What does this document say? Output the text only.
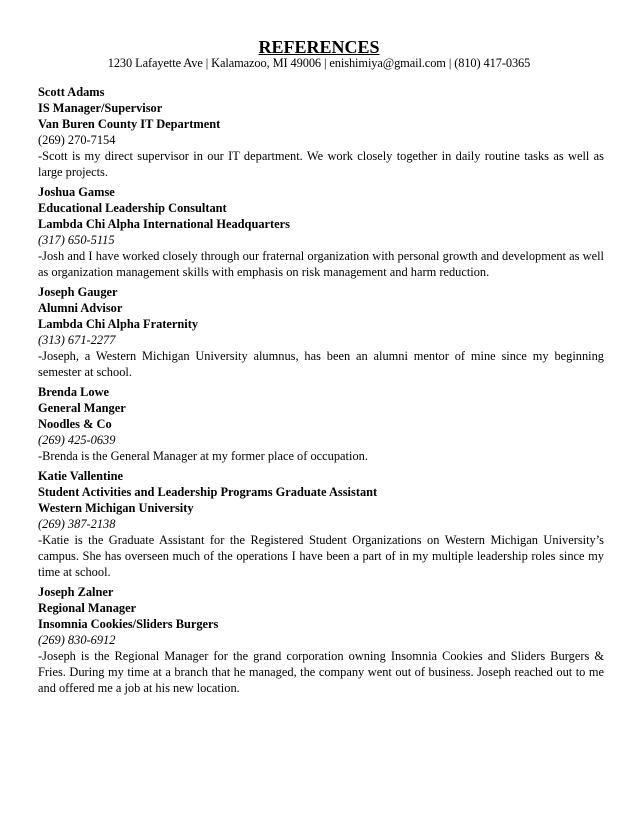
REFERENCES
1230 Lafayette Ave | Kalamazoo, MI 49006 | enishimiya@gmail.com | (810) 417-0365
Scott Adams
IS Manager/Supervisor
Van Buren County IT Department
(269) 270-7154
-Scott is my direct supervisor in our IT department. We work closely together in daily routine tasks as well as large projects.
Joshua Gamse
Educational Leadership Consultant
Lambda Chi Alpha International Headquarters
(317) 650-5115
-Josh and I have worked closely through our fraternal organization with personal growth and development as well as organization management skills with emphasis on risk management and harm reduction.
Joseph Gauger
Alumni Advisor
Lambda Chi Alpha Fraternity
(313) 671-2277
-Joseph, a Western Michigan University alumnus, has been an alumni mentor of mine since my beginning semester at school.
Brenda Lowe
General Manger
Noodles & Co
(269) 425-0639
-Brenda is the General Manager at my former place of occupation.
Katie Vallentine
Student Activities and Leadership Programs Graduate Assistant
Western Michigan University
(269) 387-2138
-Katie is the Graduate Assistant for the Registered Student Organizations on Western Michigan University’s campus. She has overseen much of the operations I have been a part of in my multiple leadership roles since my time at school.
Joseph Zalner
Regional Manager
Insomnia Cookies/Sliders Burgers
(269) 830-6912
-Joseph is the Regional Manager for the grand corporation owning Insomnia Cookies and Sliders Burgers & Fries. During my time at a branch that he managed, the company went out of business. Joseph reached out to me and offered me a job at his new location.
